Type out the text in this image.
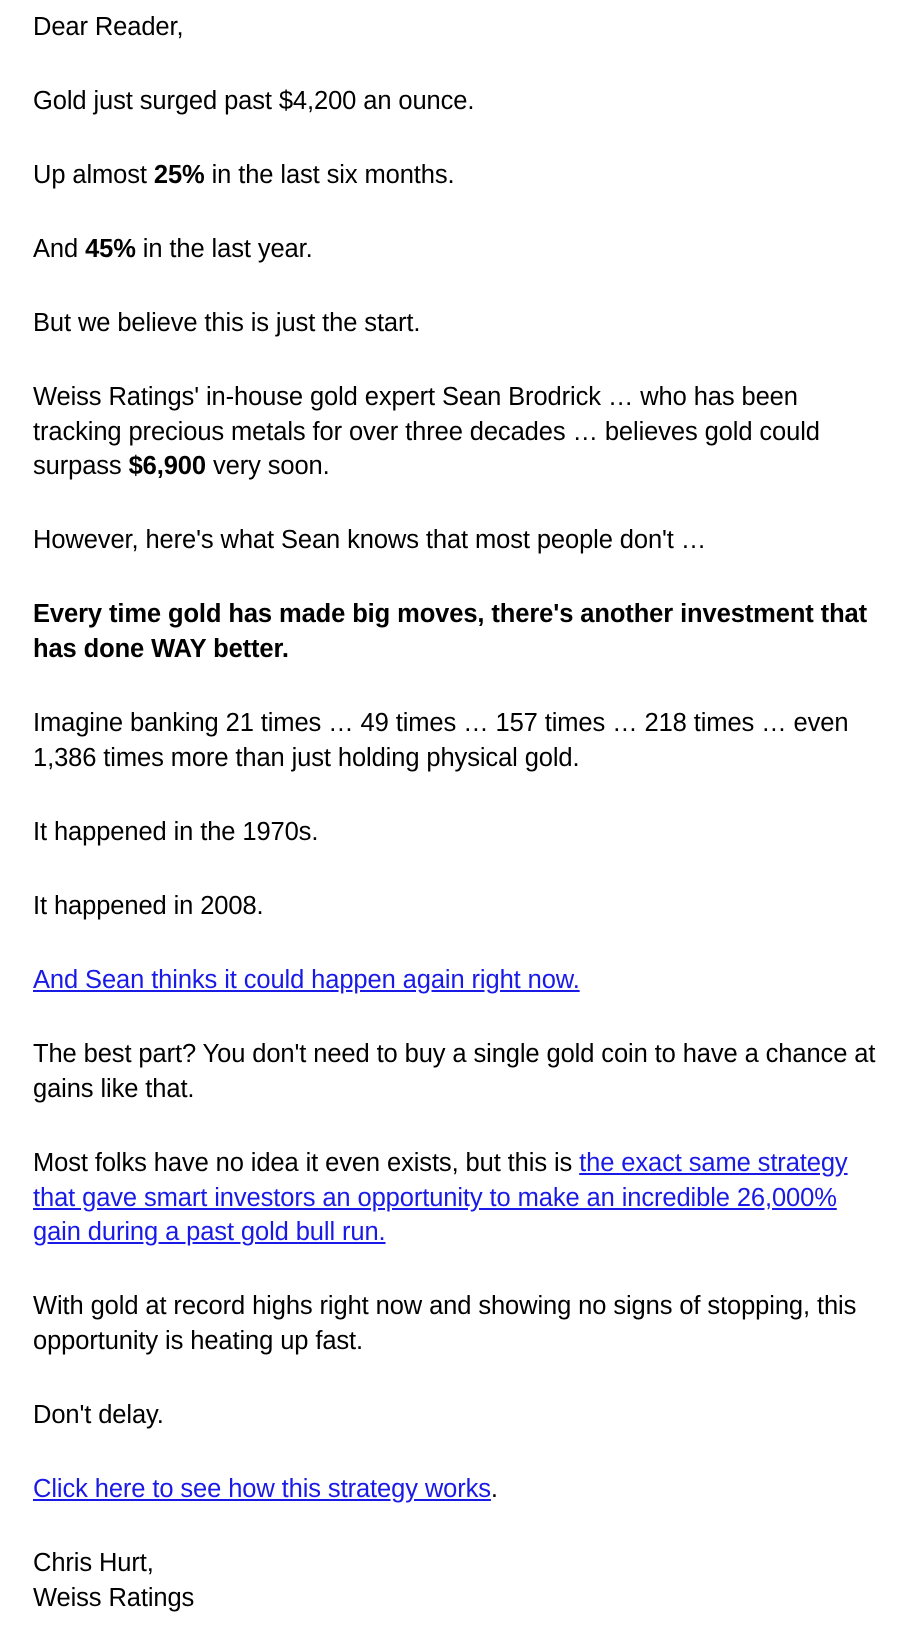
Dear Reader,

Gold just surged past $4,200 an ounce.

Up almost 25% in the last six months.

And 45% in the last year.

But we believe this is just the start.

Weiss Ratings' in-house gold expert Sean Brodrick … who has been tracking precious metals for over three decades … believes gold could surpass $6,900 very soon.

However, here's what Sean knows that most people don't …

Every time gold has made big moves, there's another investment that has done WAY better.

Imagine banking 21 times … 49 times … 157 times … 218 times … even 1,386 times more than just holding physical gold.

It happened in the 1970s.

It happened in 2008.

And Sean thinks it could happen again right now.

The best part? You don't need to buy a single gold coin to have a chance at gains like that.

Most folks have no idea it even exists, but this is the exact same strategy that gave smart investors an opportunity to make an incredible 26,000% gain during a past gold bull run.

With gold at record highs right now and showing no signs of stopping, this opportunity is heating up fast.

Don't delay.

Click here to see how this strategy works.

Chris Hurt,
Weiss Ratings
